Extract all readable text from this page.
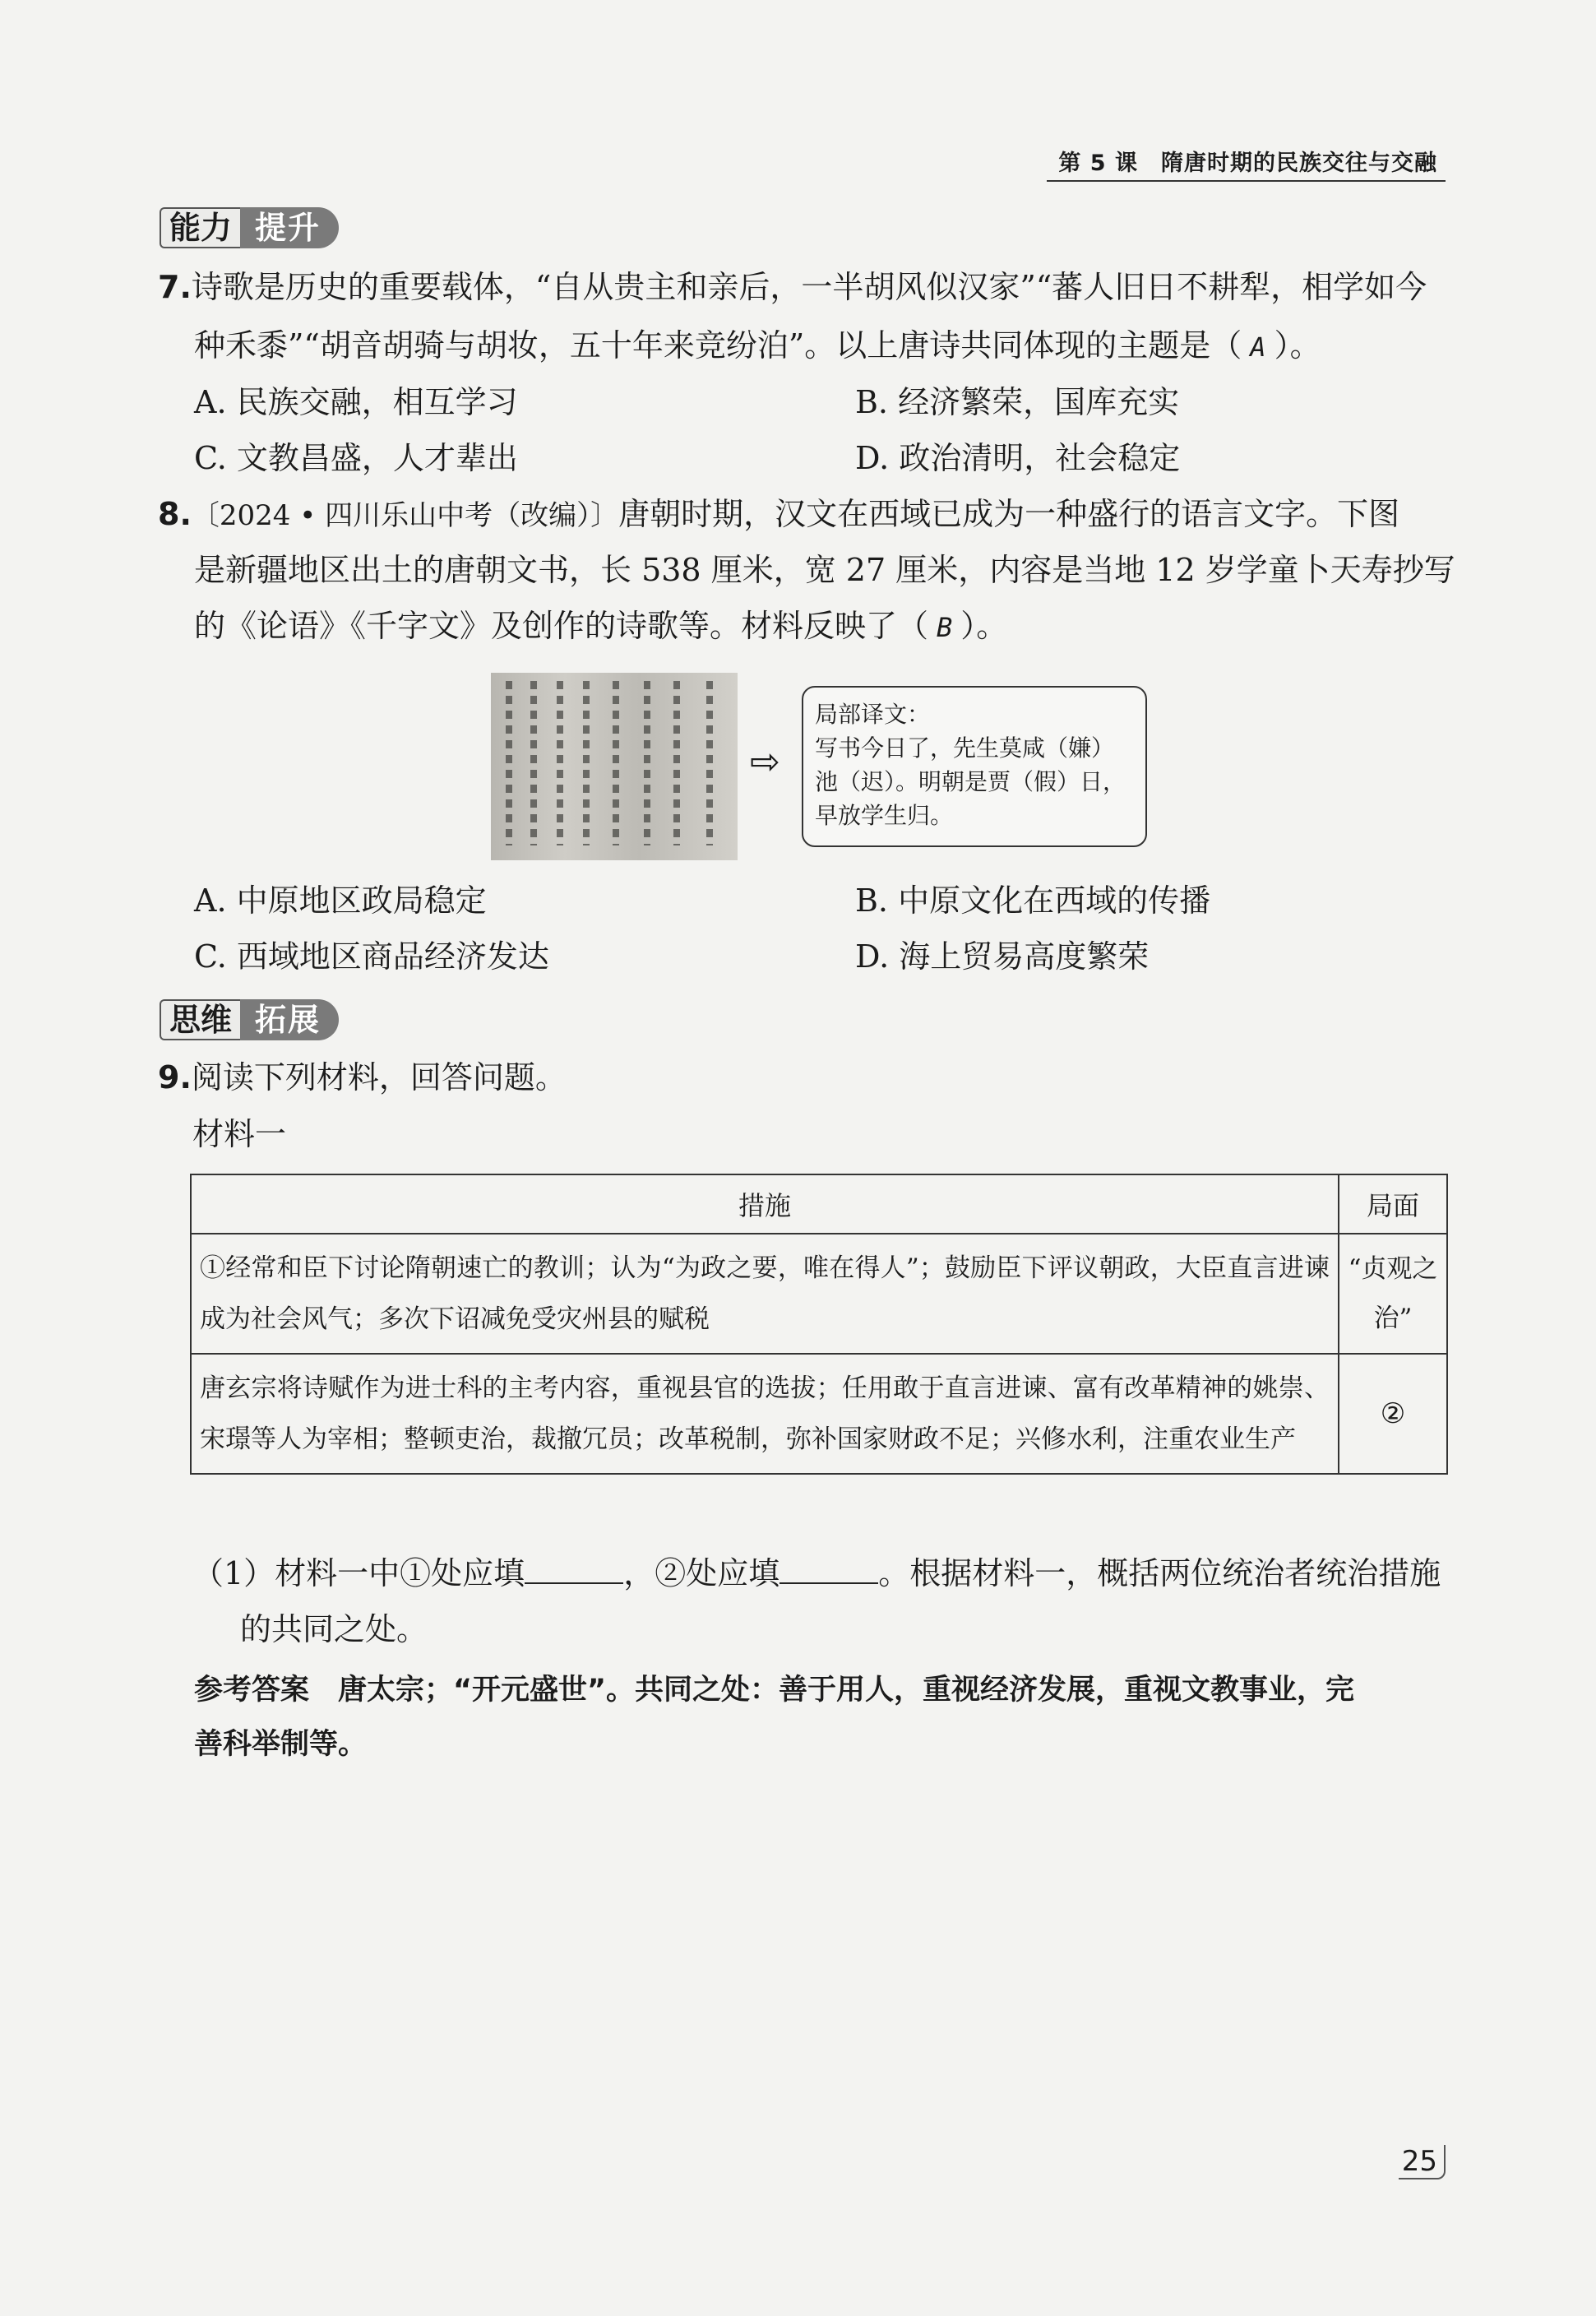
第 5 课　隋唐时期的民族交往与交融
能力 提升
7.诗歌是历史的重要载体，“自从贵主和亲后，一半胡风似汉家”“蕃人旧日不耕犁，相学如今
种禾黍”“胡音胡骑与胡妆，五十年来竞纷泊”。以上唐诗共同体现的主题是（ A ）。
A. 民族交融，相互学习	B. 经济繁荣，国库充实
C. 文教昌盛，人才辈出	D. 政治清明，社会稳定
8.〔2024 • 四川乐山中考（改编）〕唐朝时期，汉文在西域已成为一种盛行的语言文字。下图
是新疆地区出土的唐朝文书，长 538 厘米，宽 27 厘米，内容是当地 12 岁学童卜天寿抄写
的《论语》《千字文》及创作的诗歌等。材料反映了（ B ）。
⇨
局部译文：
写书今日了，先生莫咸（嫌）
池（迟）。明朝是贾（假）日，
早放学生归。
A. 中原地区政局稳定	B. 中原文化在西域的传播
C. 西域地区商品经济发达	D. 海上贸易高度繁荣
思维 拓展
9.阅读下列材料，回答问题。
材料一
措施	局面
①经常和臣下讨论隋朝速亡的教训；认为“为政之要，唯在得人”；鼓励臣下评议朝政，大臣直言进谏成为社会风气；多次下诏减免受灾州县的赋税	“贞观之治”
唐玄宗将诗赋作为进士科的主考内容，重视县官的选拔；任用敢于直言进谏、富有改革精神的姚崇、宋璟等人为宰相；整顿吏治，裁撤冗员；改革税制，弥补国家财政不足；兴修水利，注重农业生产	②
（1）材料一中①处应填	，②处应填	。根据材料一，概括两位统治者统治措施
的共同之处。
参考答案　 唐太宗；“开元盛世”。共同之处：善于用人，重视经济发展，重视文教事业，完
善科举制等。
25
